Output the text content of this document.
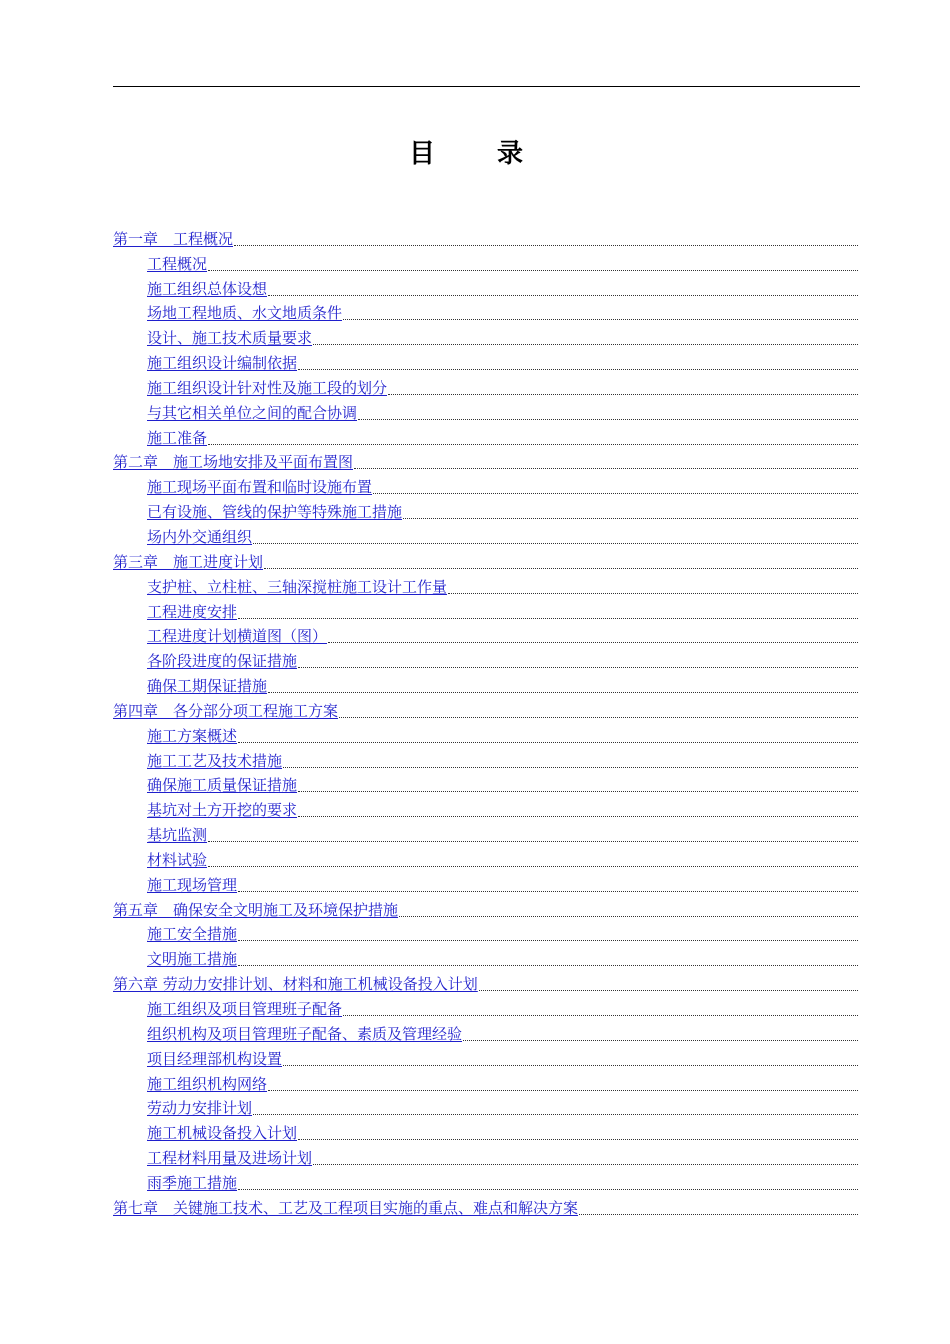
目　录
第一章　工程概况
工程概况
施工组织总体设想
场地工程地质、水文地质条件
设计、施工技术质量要求
施工组织设计编制依据
施工组织设计针对性及施工段的划分
与其它相关单位之间的配合协调
施工准备
第二章　施工场地安排及平面布置图
施工现场平面布置和临时设施布置
已有设施、管线的保护等特殊施工措施
场内外交通组织
第三章　施工进度计划
支护桩、立柱桩、三轴深搅桩施工设计工作量
工程进度安排
工程进度计划横道图（图）
各阶段进度的保证措施
确保工期保证措施
第四章　各分部分项工程施工方案
施工方案概述
施工工艺及技术措施
确保施工质量保证措施
基坑对土方开挖的要求
基坑监测
材料试验
施工现场管理
第五章　确保安全文明施工及环境保护措施
施工安全措施
文明施工措施
第六章 劳动力安排计划、材料和施工机械设备投入计划
施工组织及项目管理班子配备
组织机构及项目管理班子配备、素质及管理经验
项目经理部机构设置
施工组织机构网络
劳动力安排计划
施工机械设备投入计划
工程材料用量及进场计划
雨季施工措施
第七章　关键施工技术、工艺及工程项目实施的重点、难点和解决方案
